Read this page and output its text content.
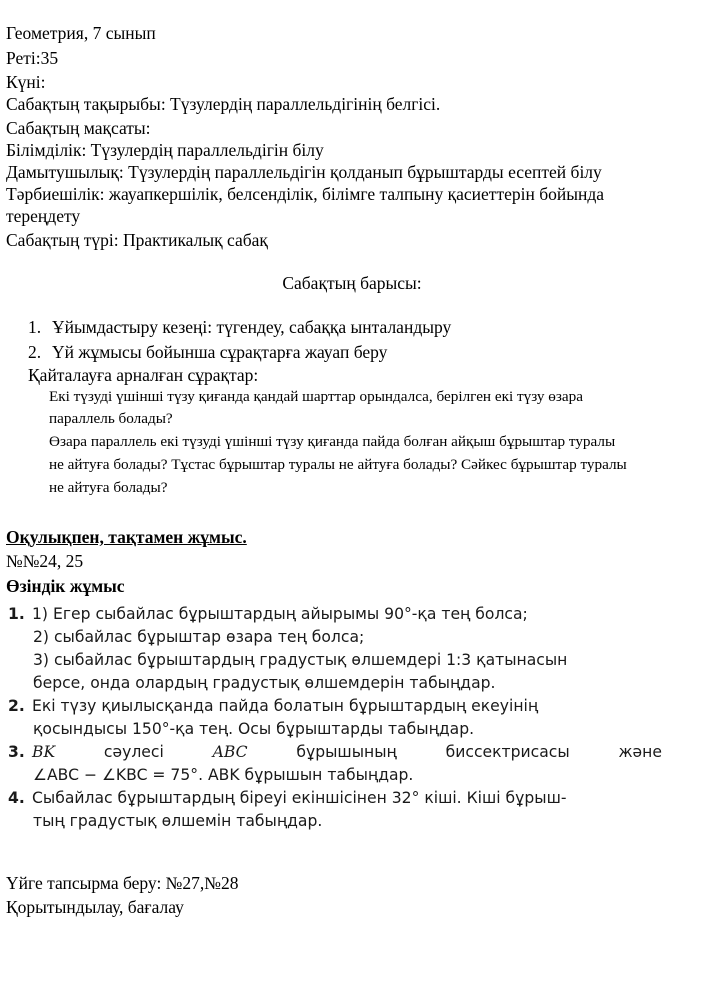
Геометрия, 7 сынып
Реті:35
Күні:
Сабақтың тақырыбы: Түзулердің параллельдігінің белгісі.
Сабақтың мақсаты:
Білімділік: Түзулердің параллельдігін білу
Дамытушылық: Түзулердің параллельдігін қолданып бұрыштарды есептей білу
Тәрбиешілік: жауапкершілік, белсенділік, білімге талпыну қасиеттерін бойында
тереңдету
Сабақтың түрі: Практикалық сабақ
Сабақтың барысы:
1. Ұйымдастыру кезеңі: түгендеу, сабаққа ынталандыру
2. Үй жұмысы бойынша сұрақтарға жауап беру
Қайталауға арналған сұрақтар:
Екі түзуді үшінші түзу қиғанда қандай шарттар орындалса, берілген екі түзу өзара
параллель болады?
Өзара параллель екі түзуді үшінші түзу қиғанда пайда болған айқыш бұрыштар туралы
не айтуға болады? Тұстас бұрыштар туралы не айтуға болады? Сәйкес бұрыштар туралы
не айтуға болады?
Оқулықпен, тақтамен жұмыс.
№№24, 25
Өзіндік жұмыс
1. 1) Егер сыбайлас бұрыштардың айырымы 90°-қа тең болса;
2) сыбайлас бұрыштар өзара тең болса;
3) сыбайлас бұрыштардың градустық өлшемдері 1:3 қатынасын
берсе, онда олардың градустық өлшемдерін табыңдар.
2. Екі түзу қиылысқанда пайда болатын бұрыштардың екеуінің
қосындысы 150°-қа тең. Осы бұрыштарды табыңдар.
3. BK	сәулесі	ABC	бұрышының	биссектрисасы	және
∠ABC − ∠KBC = 75°. ABK бұрышын табыңдар.
4. Сыбайлас бұрыштардың біреуі екіншісінен 32° кіші. Кіші бұрыш-
тың градустық өлшемін табыңдар.
Үйге тапсырма беру: №27,№28
Қорытындылау, бағалау
